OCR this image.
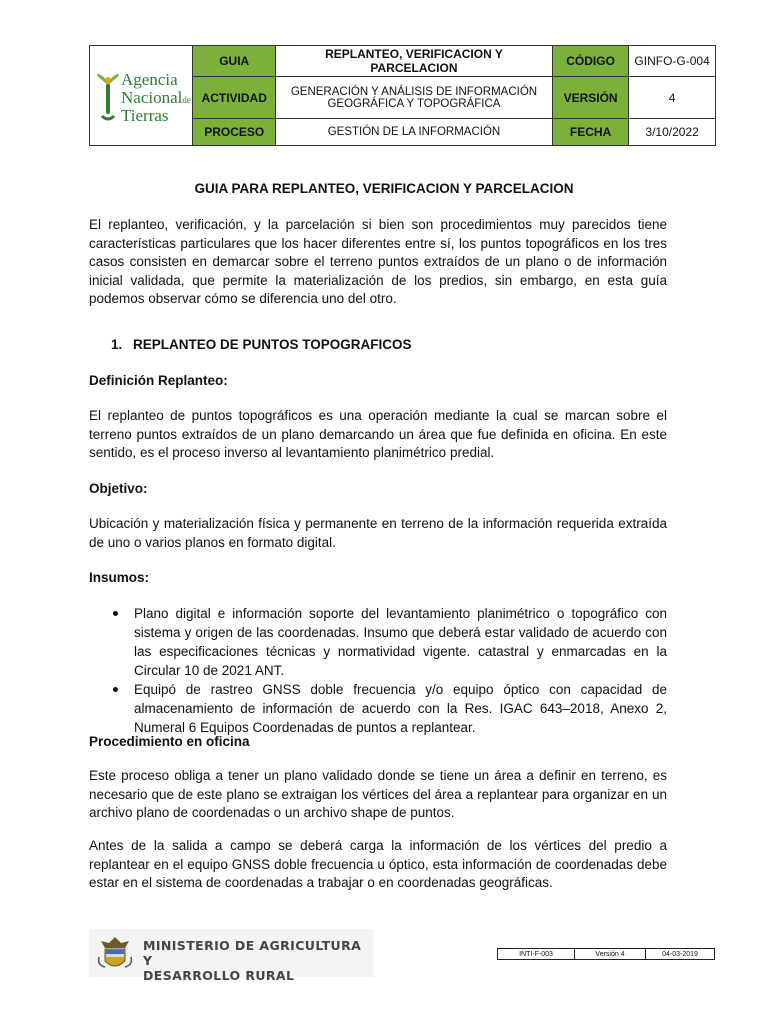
Agencia
Nacionalde
Tierras	GUIA	REPLANTEO, VERIFICACION Y PARCELACION	CÓDIGO	GINFO-G-004
	ACTIVIDAD	GENERACIÓN Y ANÁLISIS DE INFORMACIÓN GEOGRÁFICA Y TOPOGRÁFICA	VERSIÓN	4
	PROCESO	GESTIÓN DE LA INFORMACIÓN	FECHA	3/10/2022
GUIA PARA REPLANTEO, VERIFICACION Y PARCELACION

El replanteo, verificación, y la parcelación si bien son procedimientos muy parecidos tiene características particulares que los hacer diferentes entre sí, los puntos topográficos en los tres casos consisten en demarcar sobre el terreno puntos extraídos de un plano o de información inicial validada, que permite la materialización de los predios, sin embargo, en esta guía podemos observar cómo se diferencia uno del otro.

1. REPLANTEO DE PUNTOS TOPOGRAFICOS
Definición Replanteo:

El replanteo de puntos topográficos es una operación mediante la cual se marcan sobre el terreno puntos extraídos de un plano demarcando un área que fue definida en oficina. En este sentido, es el proceso inverso al levantamiento planimétrico predial.

Objetivo:

Ubicación y materialización física y permanente en terreno de la información requerida extraída de uno o varios planos en formato digital.

Insumos:
Plano digital e información soporte del levantamiento planimétrico o topográfico con sistema y origen de las coordenadas. Insumo que deberá estar validado de acuerdo con las especificaciones técnicas y normatividad vigente. catastral y enmarcadas en la Circular 10 de 2021 ANT.
Equipó de rastreo GNSS doble frecuencia y/o equipo óptico con capacidad de almacenamiento de información de acuerdo con la Res. IGAC 643–2018, Anexo 2, Numeral 6 Equipos Coordenadas de puntos a replantear.
Procedimiento en oficina

Este proceso obliga a tener un plano validado donde se tiene un área a definir en terreno, es necesario que de este plano se extraigan los vértices del área a replantear para organizar en un archivo plano de coordenadas o un archivo shape de puntos.

Antes de la salida a campo se deberá carga la información de los vértices del predio a replantear en el equipo GNSS doble frecuencia u óptico, esta información de coordenadas debe estar en el sistema de coordenadas a trabajar o en coordenadas geográficas.

MINISTERIO DE AGRICULTURA Y
DESARROLLO RURAL
INTI-F-003	Versión 4	04-03-2019
